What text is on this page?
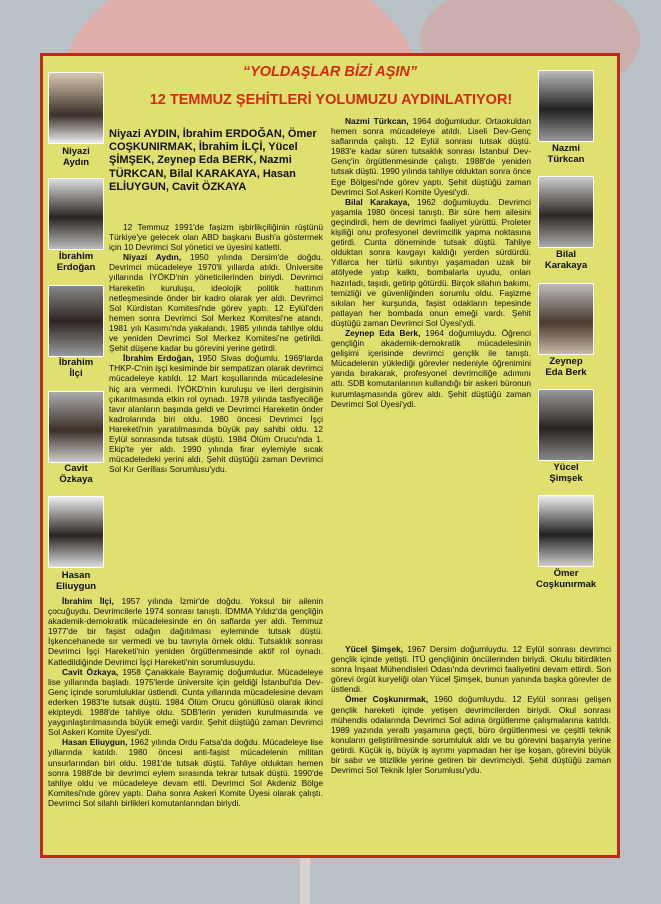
“YOLDAŞLAR BİZİ AŞIN”
12 TEMMUZ ŞEHİTLERİ YOLUMUZU AYDINLATIYOR!
Niyazi
Aydın
İbrahim
Erdoğan
İbrahim
İlçi
Cavit
Özkaya
Hasan
Eliuygun
Nazmi
Türkcan
Bilal
Karakaya
Zeynep
Eda Berk
Yücel
Şimşek
Ömer
Coşkunırmak
Niyazi AYDIN, İbrahim ERDOĞAN, Ömer COŞKUNIRMAK, İbrahim İLÇİ, Yücel ŞİMŞEK, Zeynep Eda BERK, Nazmi TÜRKCAN, Bilal KARAKAYA, Hasan ELİUYGUN, Cavit ÖZKAYA

12 Temmuz 1991'de faşizm işbirlikçiliğinin rüştünü Türkiye'ye gelecek olan ABD başkanı Bush'a göstermek için 10 Devrimci Sol yönetici ve üyesini katletti.

Niyazi Aydın, 1950 yılında Dersim'de doğdu. Devrimci mücadeleye 1970'li yıllarda atıldı. Üniversite yıllarında İYÖKD'nin yöneticilerinden biriydi. Devrimci Hareketin kuruluşu, ideolojik politik hattının netleşmesinde önder bir kadro olarak yer aldı. Devrimci Sol Kürdistan Komitesi'nde görev yaptı. 12 Eylül'den hemen sonra Devrimci Sol Merkez Komitesi'ne atandı. 1981 yılı Kasımı'nda yakalandı. 1985 yılında tahliye oldu ve yeniden Devrimci Sol Merkez Komitesi'ne getirildi. Şehit düşene kadar bu görevini yerine getirdi.

İbrahim Erdoğan, 1950 Sivas doğumlu. 1969'larda THKP-C'nin işçi kesiminde bir sempatizan olarak devrimci mücadeleye katıldı. 12 Mart koşullarında mücadelesine hiç ara vermedi. İYÖKD'nin kuruluşu ve ileri dergisinin çıkarılmasında etkin rol oynadı. 1978 yılında tasfiyeciliğe tavır alanların başında geldi ve Devrimci Hareketin önder kadrolarında biri oldu. 1980 öncesi Devrimci İşçi Hareketi'nin yaratılmasında büyük pay sahibi oldu. 12 Eylül sonrasında tutsak düştü. 1984 Ölüm Orucu'nda 1. Ekip'te yer aldı. 1990 yılında firar eylemiyle sıcak mücadeledeki yerini aldı. Şehit düştüğü zaman Devrimci Sol Kır Gerillası Sorumlusu'ydu.

İbrahim İlçi, 1957 yılında İzmir'de doğdu. Yoksul bir ailenin çocuğuydu. Devrimcilerle 1974 sonrası tanıştı. İDMMA Yıldız'da gençliğin akademik-demokratik mücadelesinde en ön saflarda yer aldı. Temmuz 1977'de bir faşist odağın dağıtılması eyleminde tutsak düştü. İşkencehanede sır vermedi ve bu tavrıyla örnek oldu. Tutsaklık sonrası Devrimci İşçi Hareketi'nin yeniden örgütlenmesinde aktif rol oynadı. Katledildiğinde Devrimci İşçi Hareketi'nin sorumlusuydu.

Cavit Özkaya, 1958 Çanakkale Bayramiç doğumludur. Mücadeleye lise yıllarında başladı. 1975'lerde üniversite için geldiği İstanbul'da Dev-Genç içinde sorumluluklar üstlendi. Cunta yıllarında mücadelesine devam ederken 1983'te tutsak düştü. 1984 Ölüm Orucu gönüllüsü olarak ikinci ekipteydi. 1988'de tahliye oldu. SDB'lerin yeniden kurulmasında ve yaygınlaştırılmasında büyük emeği vardır. Şehit düştüğü zaman Devrimci Sol Askeri Komite Üyesi'ydi.

Hasan Eliuygun, 1962 yılında Ordu Fatsa'da doğdu. Mücadeleye lise yıllarında katıldı. 1980 öncesi anti-faşist mücadelenin militan unsurlarından biri oldu. 1981'de tutsak düştü. Tahliye olduktan hemen sonra 1988'de bir devrimci eylem sırasında tekrar tutsak düştü. 1990'de tahliye oldu ve mücadeleye devam etti. Devrimci Sol Akdeniz Bölge Komitesi'nde görev yaptı. Daha sonra Askeri Komite Üyesi olarak çalıştı. Devrimci Sol silahlı birlikleri komutanlarından biriydi.

Nazmi Türkcan, 1964 doğumludur. Ortaokuldan hemen sonra mücadeleye atıldı. Liseli Dev-Genç saflarında çalıştı. 12 Eylül sonrası tutsak düştü. 1983'e kadar süren tutsaklık sonrası İstanbul Dev-Genç'in örgütlenmesinde çalıştı. 1988'de yeniden tutsak düştü. 1990 yılında tahliye olduktan sonra önce Ege Bölgesi'nde görev yaptı. Şehit düştüğü zaman Devrimci Sol Askeri Komite Üyesi'ydi.

Bilal Karakaya, 1962 doğumluydu. Devrimci yaşamla 1980 öncesi tanıştı. Bir süre hem ailesini geçindirdi, hem de devrimci faaliyet yürüttü. Proleter kişiliği onu profesyonel devrimcilik yapma noktasına getirdi. Cunta döneminde tutsak düştü. Tahliye olduktan sonra kavgayı kaldığı yerden sürdürdü. Yıllarca her türlü sıkıntıyı yaşamadan uzak bir atölyede yatıp kalktı, bombalarla uyudu, onları hazırladı, taşıdı, getirip götürdü. Birçok silahın bakımı, temizliği ve güvenliğinden sorumlu oldu. Faşizme sıkılan her kurşunda, faşist odakların tepesinde patlayan her bombada onun emeği vardı. Şehit düştüğü zaman Devrimci Sol Üyesi'ydi.

Zeynep Eda Berk, 1964 doğumluydu. Öğrenci gençliğin akademik-demokratik mücadelesinin gelişimi içerisinde devrimci gençlik ile tanıştı. Mücadelenin yüklediği görevler nedeniyle öğrenimini yarıda bırakarak, profesyonel devrimciliğe adımını attı. SDB komutanlarının kullandığı bir askeri büronun kurumlaşmasında görev aldı. Şehit düştüğü zaman Devrimci Sol Üyesi'ydi.

Yücel Şimşek, 1967 Dersim doğumluydu. 12 Eylül sonrası devrimci gençlik içinde yetişti. İTÜ gençliğinin öncülerinden biriydi. Okulu bitirdikten sonra İnşaat Mühendisleri Odası'nda devrimci faaliyetini devam ettirdi. Son görevi örgüt kuryeliği olan Yücel Şimşek, bunun yanında başka görevler de üstlendi.

Ömer Coşkunırmak, 1960 doğumluydu. 12 Eylül sonrası gelişen gençlik hareketi içinde yetişen devrimcilerden biriydi. Okul sonrası mühendis odalarında Devrimci Sol adına örgütlenme çalışmalarına katıldı. 1989 yazında yeraltı yaşamına geçti, büro örgütlenmesi ve çeşitli teknik konuların geliştirilmesinde sorumluluk aldı ve bu görevini başarıyla yerine getirdi. Küçük iş, büyük iş ayrımı yapmadan her işe koşan, görevini büyük bir sabır ve titizlikle yerine getiren bir devrimciydi. Şehit düştüğü zaman Devrimci Sol Teknik İşler Sorumlusu'ydu.
